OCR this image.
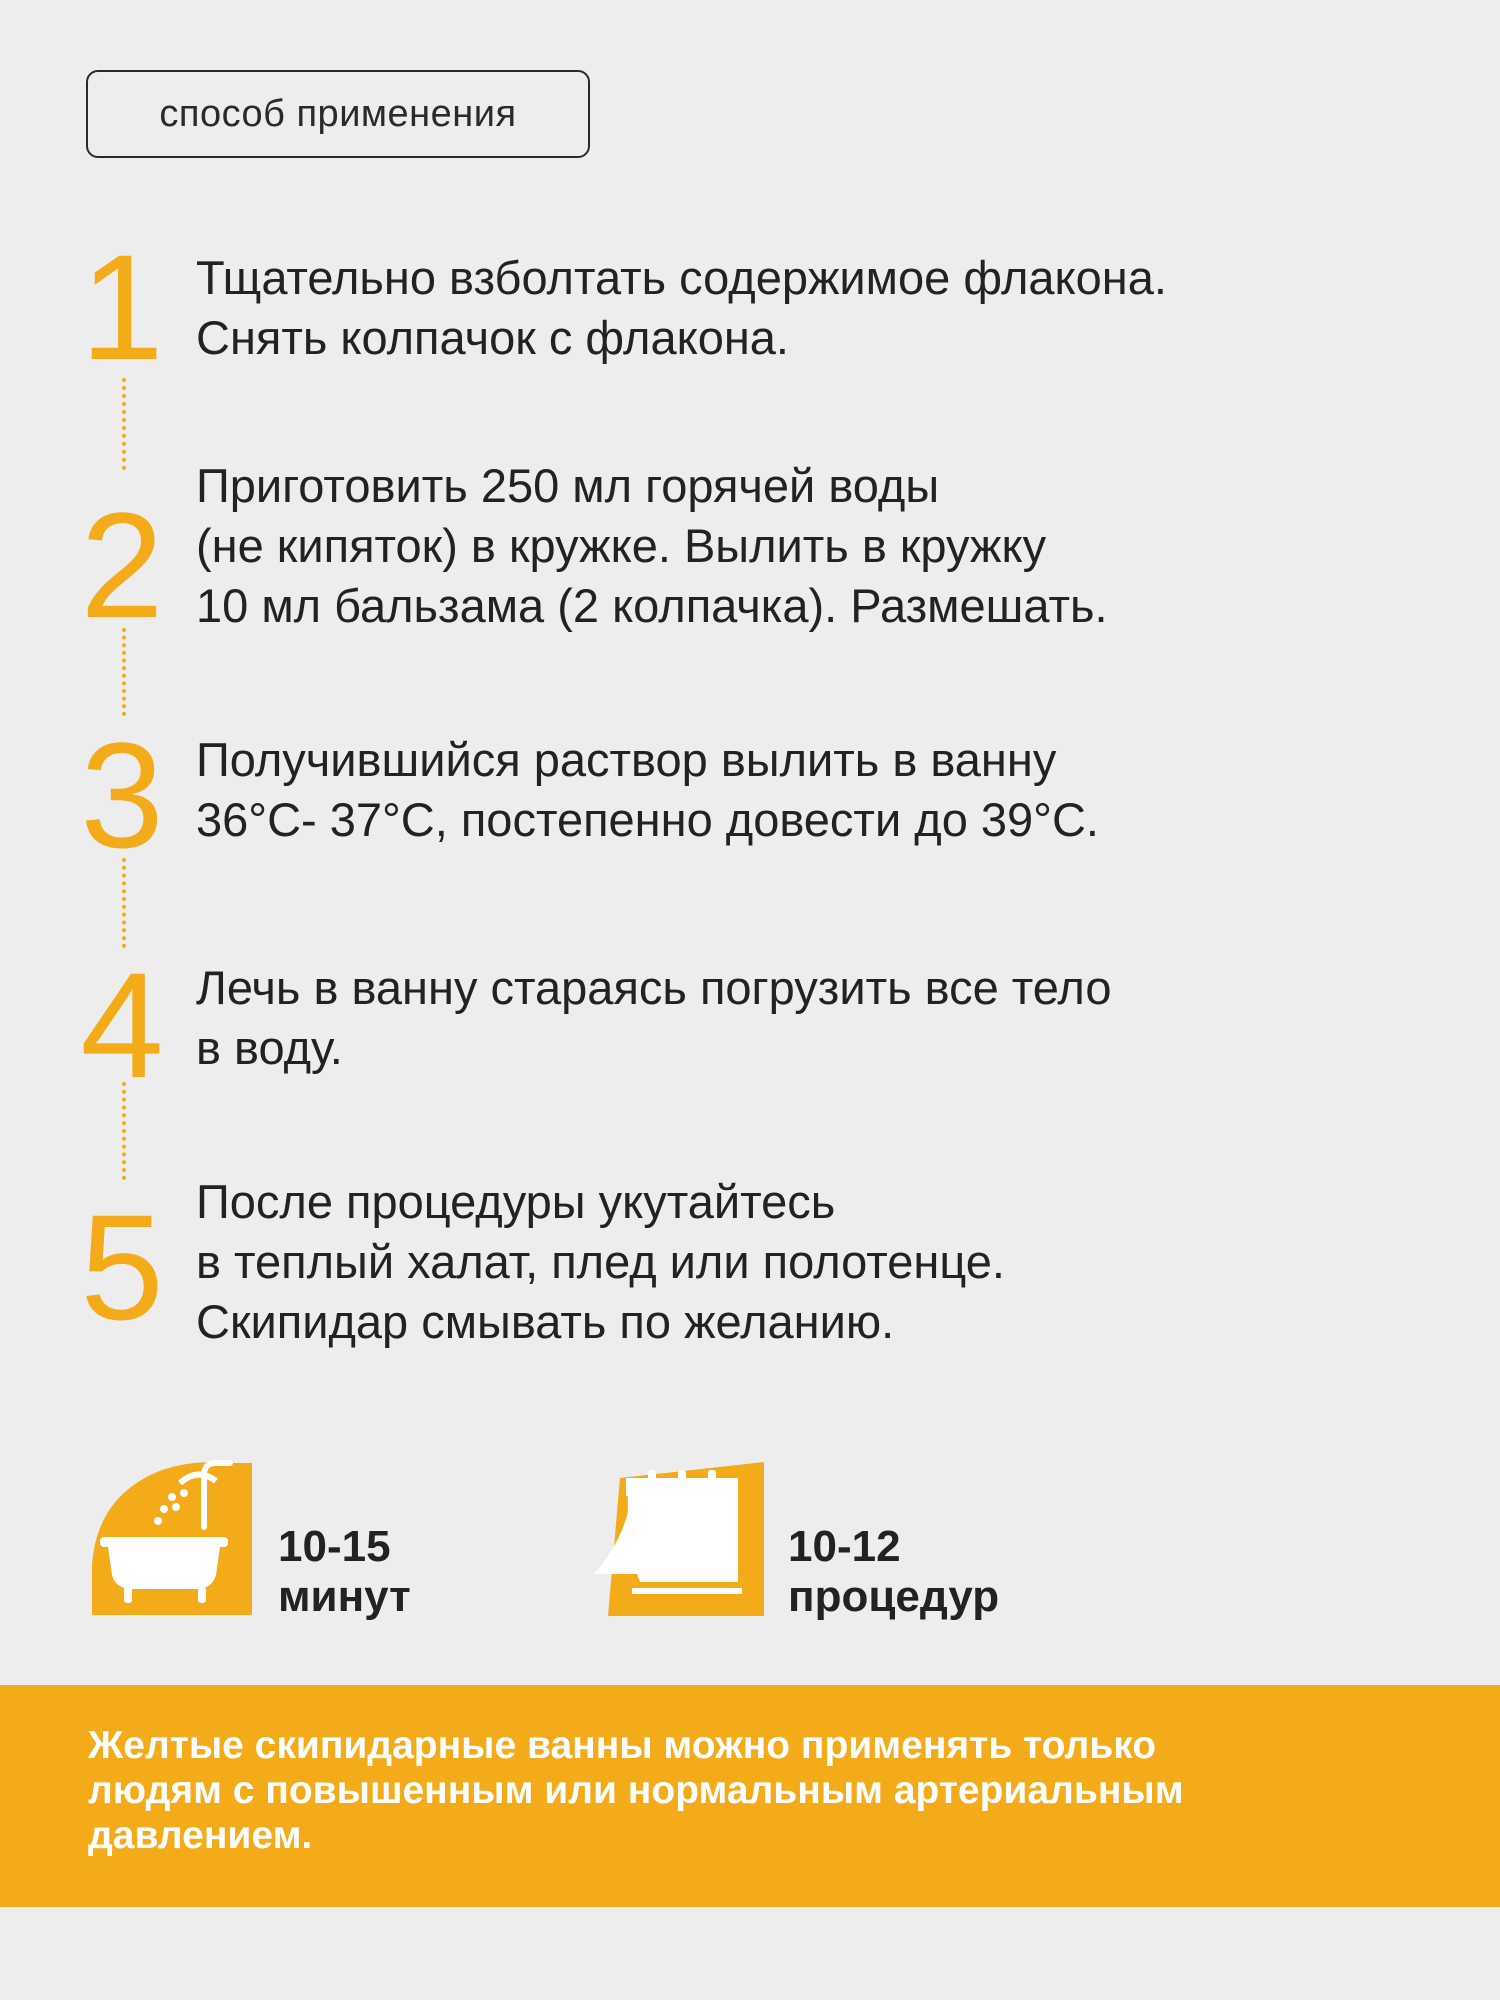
способ применения
1 Тщательно взболтать содержимое флакона.
Снять колпачок с флакона.
2 Приготовить 250 мл горячей воды
(не кипяток) в кружке. Вылить в кружку
10 мл бальзама (2 колпачка). Размешать.
3 Получившийся раствор вылить в ванну
36°С- 37°С, постепенно довести до 39°С.
4 Лечь в ванну стараясь погрузить все тело
в воду.
5 После процедуры укутайтесь
в теплый халат, плед или полотенце.
Скипидар смывать по желанию.
10-15
минут
10-12
процедур
Желтые скипидарные ванны можно применять только
людям с повышенным или нормальным артериальным
давлением.
